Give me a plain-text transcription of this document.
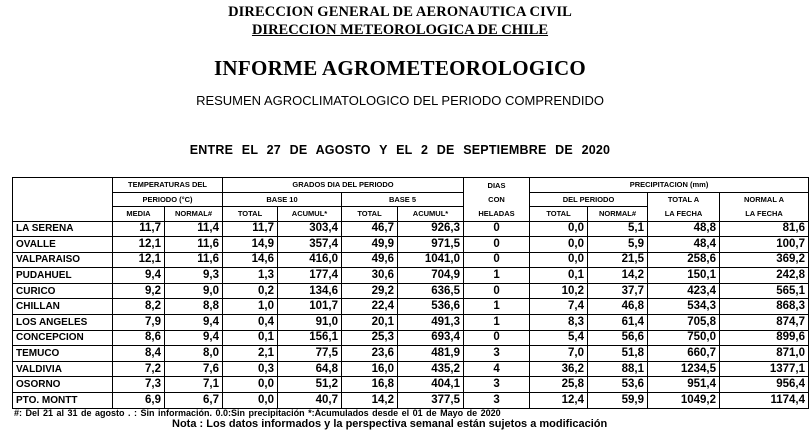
DIRECCION GENERAL DE AERONAUTICA CIVIL
DIRECCION METEOROLOGICA DE CHILE
INFORME AGROMETEOROLOGICO
RESUMEN AGROCLIMATOLOGICO DEL PERIODO COMPRENDIDO
ENTRE EL 27 DE AGOSTO Y EL 2 DE SEPTIEMBRE DE 2020
	TEMPERATURAS DEL		GRADOS DIA DEL PERIODO				DIAS	PRECIPITACION (mm)			
	PERIODO (°C)		BASE 10		BASE 5		CON	DEL PERIODO		TOTAL A	NORMAL A
	MEDIA	NORMAL#	TOTAL	ACUMUL*	TOTAL	ACUMUL*	HELADAS	TOTAL	NORMAL#	LA FECHA	LA FECHA
LA SERENA	11,7	11,4	11,7	303,4	46,7	926,3	0	0,0	5,1	48,8	81,6
OVALLE	12,1	11,6	14,9	357,4	49,9	971,5	0	0,0	5,9	48,4	100,7
VALPARAISO	12,1	11,6	14,6	416,0	49,6	1041,0	0	0,0	21,5	258,6	369,2
PUDAHUEL	9,4	9,3	1,3	177,4	30,6	704,9	1	0,1	14,2	150,1	242,8
CURICO	9,2	9,0	0,2	134,6	29,2	636,5	0	10,2	37,7	423,4	565,1
CHILLAN	8,2	8,8	1,0	101,7	22,4	536,6	1	7,4	46,8	534,3	868,3
LOS ANGELES	7,9	9,4	0,4	91,0	20,1	491,3	1	8,3	61,4	705,8	874,7
CONCEPCION	8,6	9,4	0,1	156,1	25,3	693,4	0	5,4	56,6	750,0	899,6
TEMUCO	8,4	8,0	2,1	77,5	23,6	481,9	3	7,0	51,8	660,7	871,0
VALDIVIA	7,2	7,6	0,3	64,8	16,0	435,2	4	36,2	88,1	1234,5	1377,1
OSORNO	7,3	7,1	0,0	51,2	16,8	404,1	3	25,8	53,6	951,4	956,4
PTO. MONTT	6,9	6,7	0,0	40,7	14,2	377,5	3	12,4	59,9	1049,2	1174,4
#: Del 21 al 31 de agosto . : Sin información. 0.0:Sin precipitación *:Acumulados desde el 01 de Mayo de 2020
Nota : Los datos informados y la perspectiva semanal están sujetos a modificación
